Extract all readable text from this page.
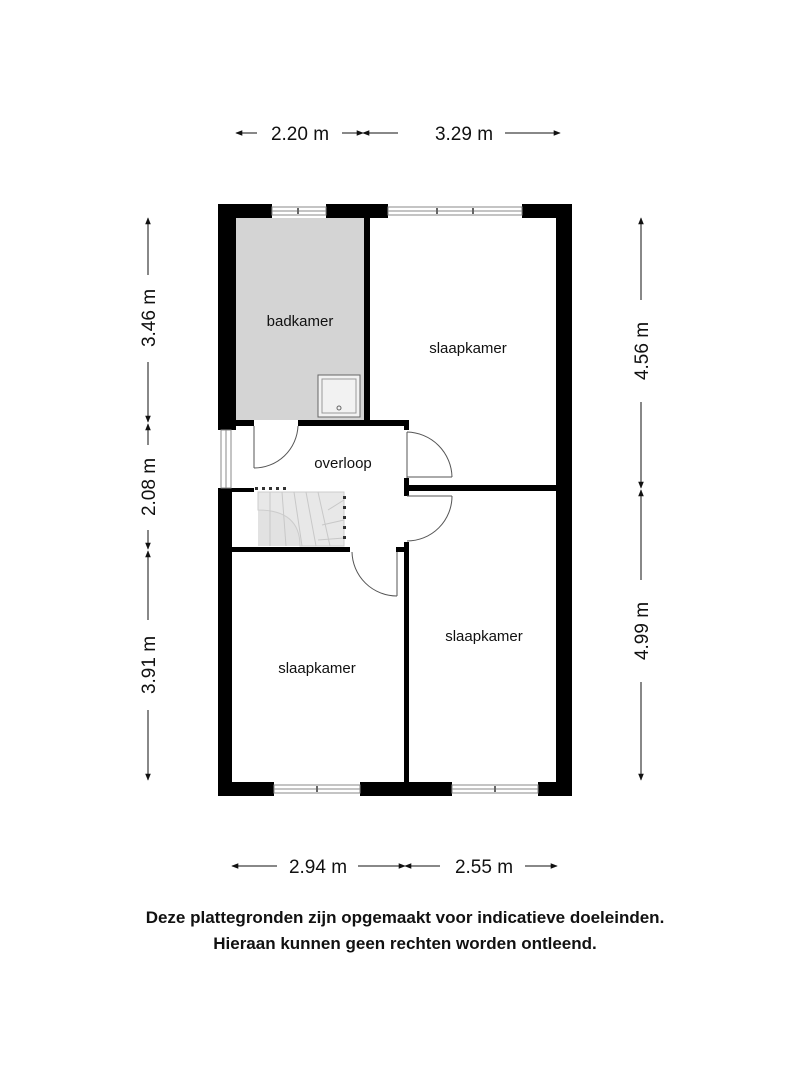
badkamer
slaapkamer
overloop
slaapkamer
slaapkamer
2.20 m	3.29 m
2.94 m	2.55 m
3.46 m
2.08 m
3.91 m
4.56 m
4.99 m
Deze plattegronden zijn opgemaakt voor indicatieve doeleinden.
Hieraan kunnen geen rechten worden ontleend.
